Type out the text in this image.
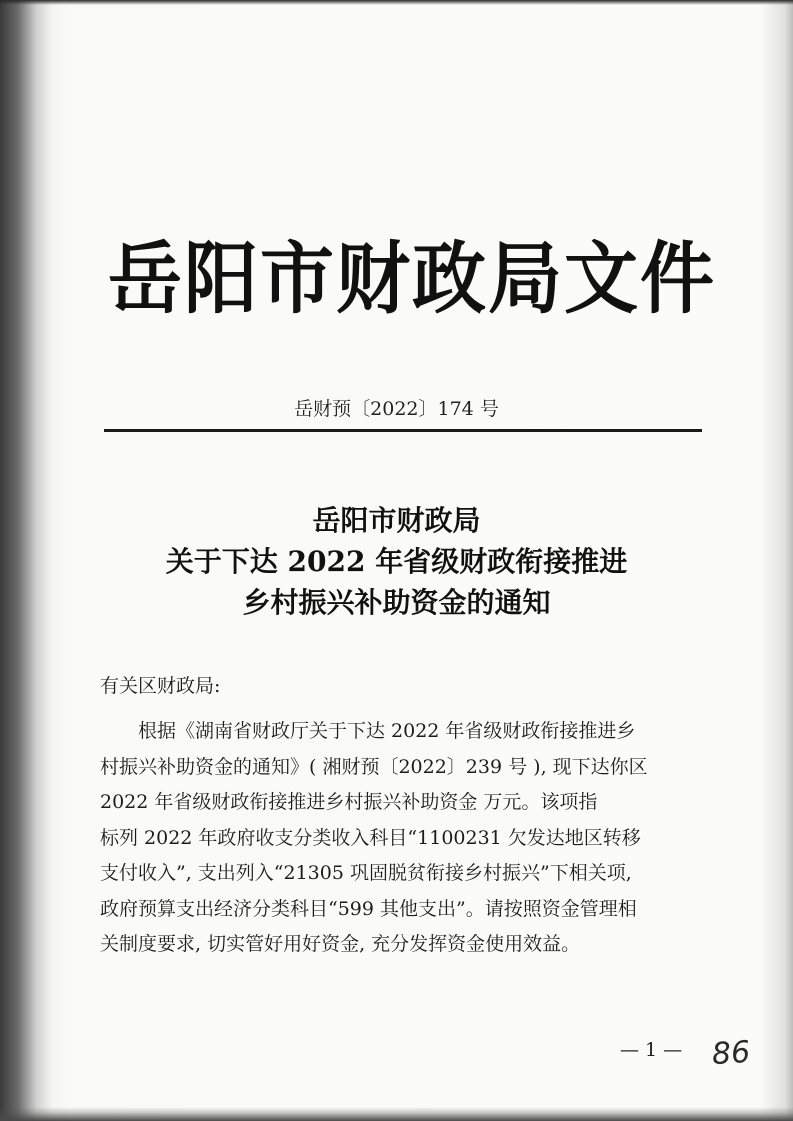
岳阳市财政局文件
岳财预〔2022〕174 号
岳阳市财政局
关于下达 2022 年省级财政衔接推进
乡村振兴补助资金的通知
有关区财政局:
根据《湖南省财政厅关于下达 2022 年省级财政衔接推进乡
村振兴补助资金的通知》( 湘财预〔2022〕239 号 ), 现下达你区
2022 年省级财政衔接推进乡村振兴补助资金 万元。该项指
标列 2022 年政府收支分类收入科目“1100231 欠发达地区转移
支付收入”, 支出列入“21305 巩固脱贫衔接乡村振兴”下相关项,
政府预算支出经济分类科目“599 其他支出”。请按照资金管理相
关制度要求, 切实管好用好资金, 充分发挥资金使用效益。
— 1 — 86
